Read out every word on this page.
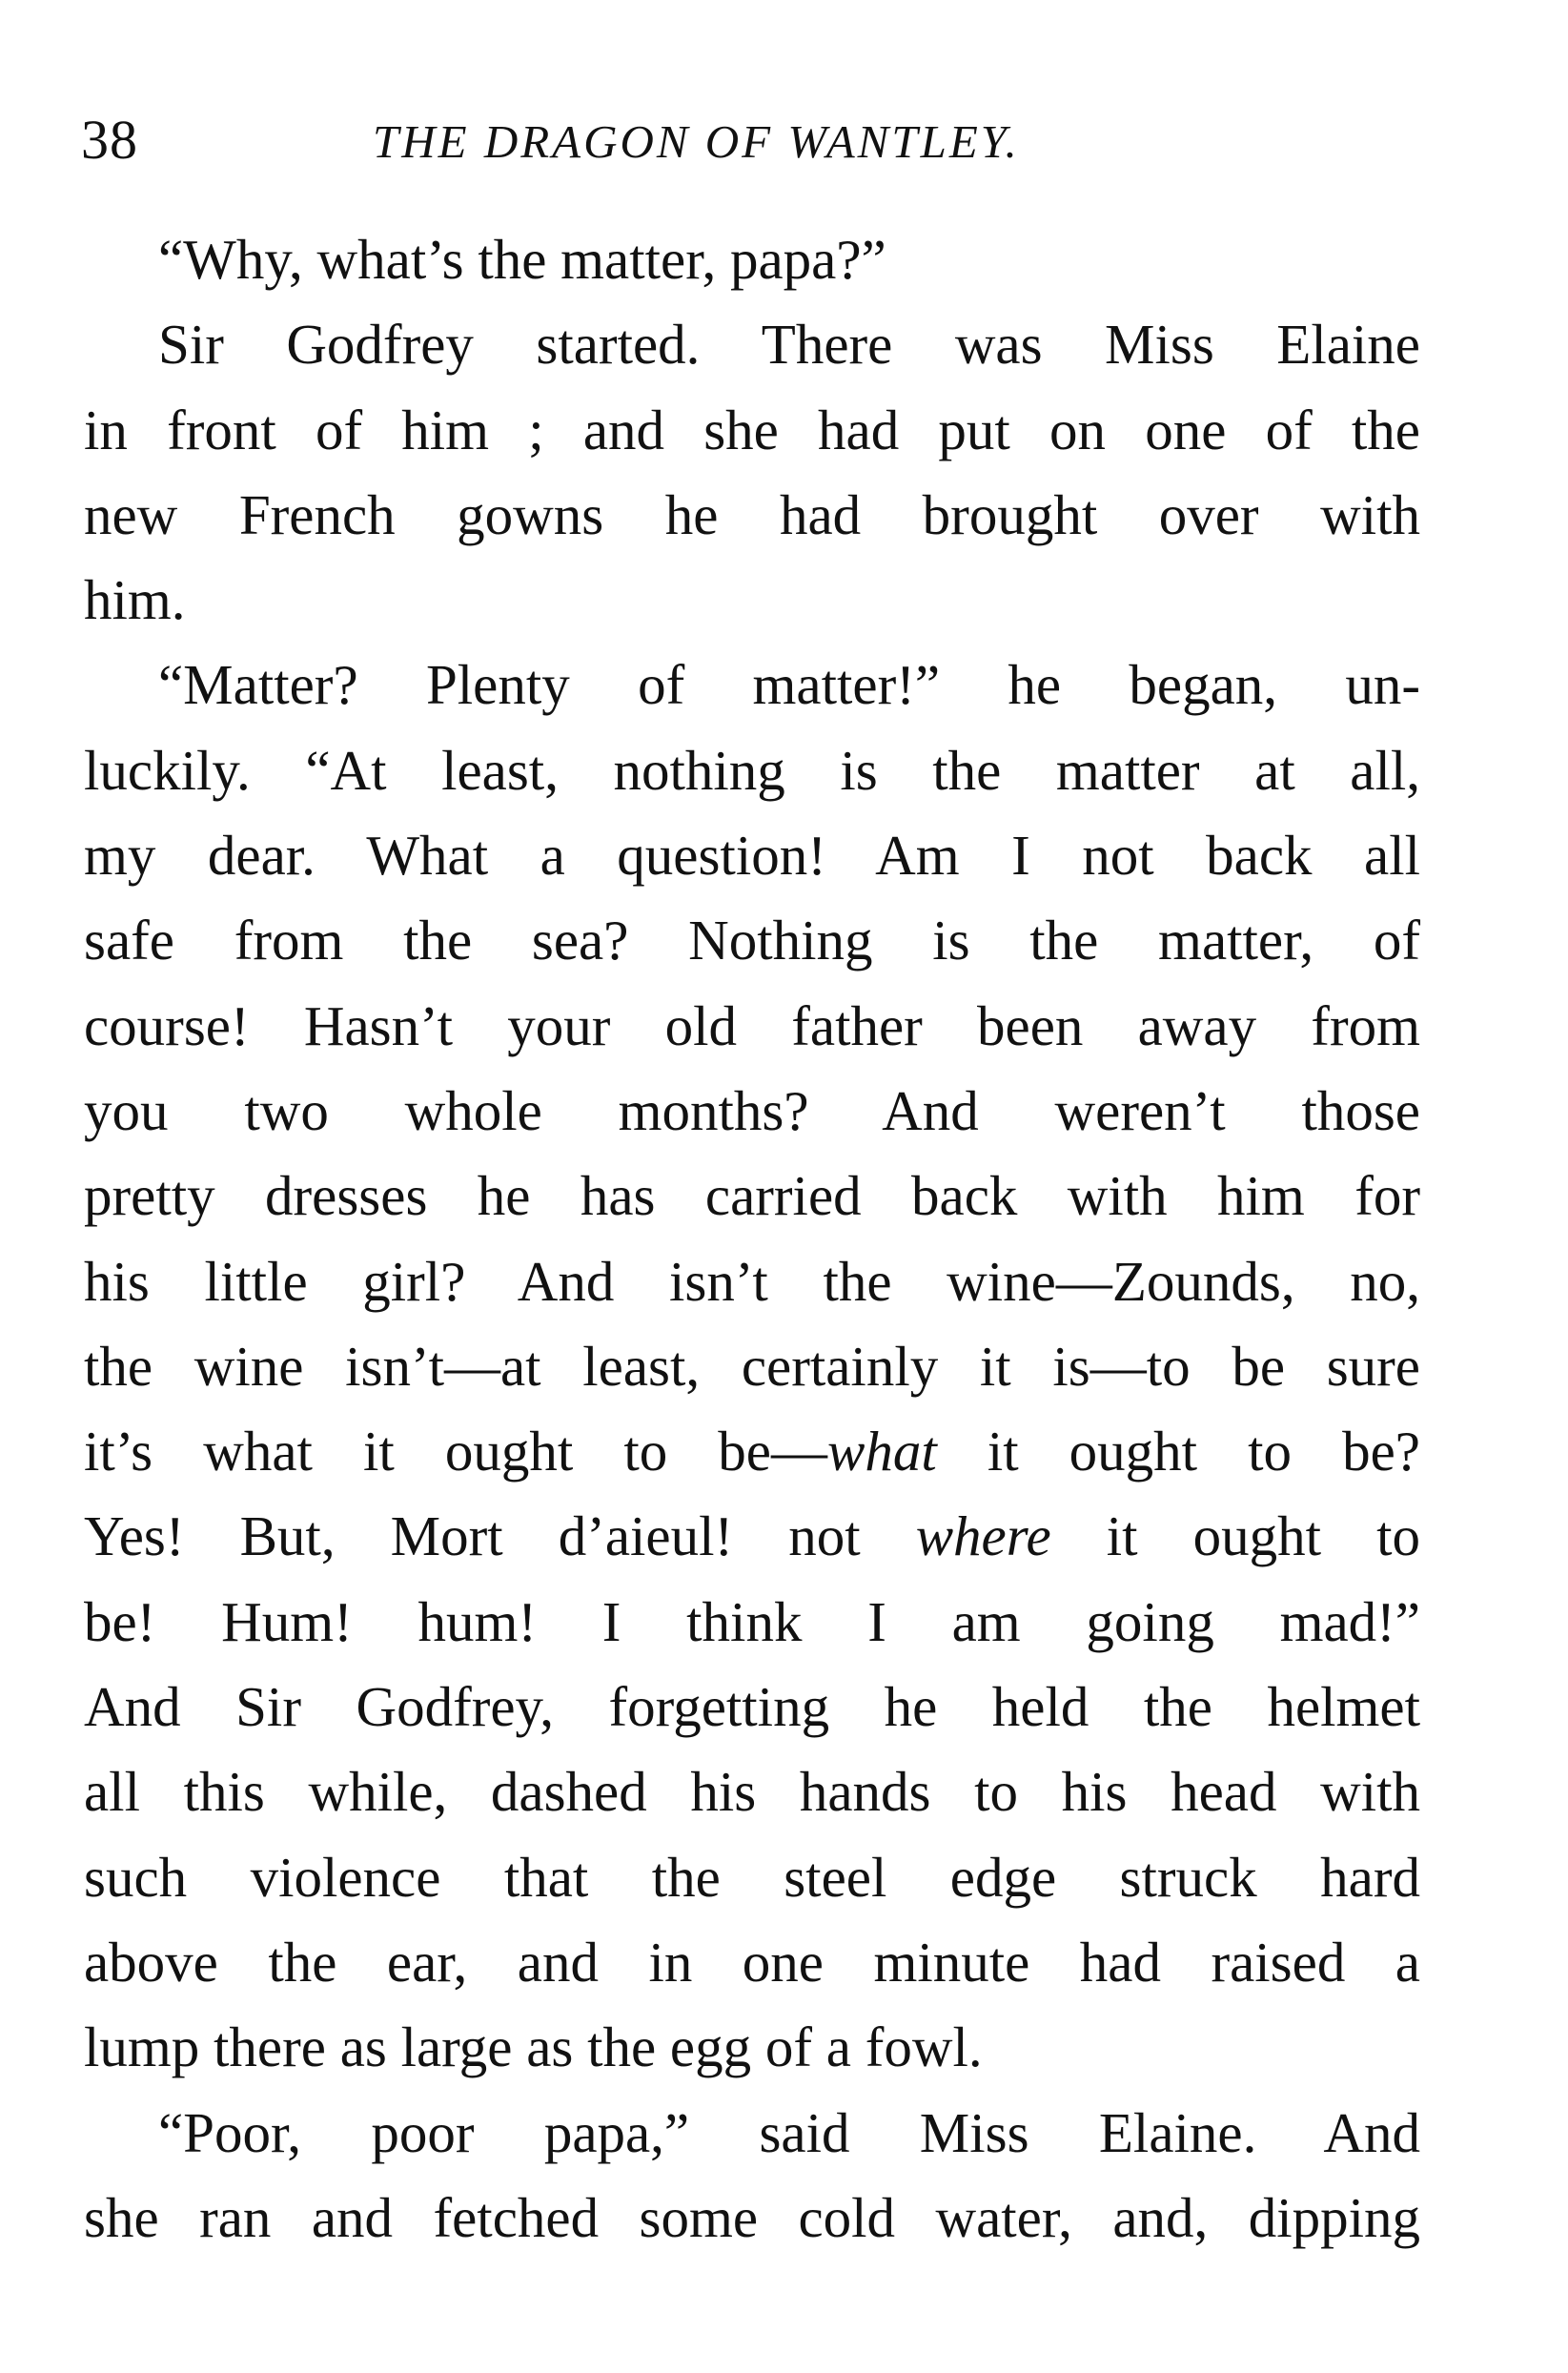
38	THE DRAGON OF WANTLEY.
“Why, what’s the matter, papa?”
Sir Godfrey started. There was Miss Elaine
in front of him ; and she had put on one of the
new French gowns he had brought over with
him.
“Matter? Plenty of matter!” he began, un-
luckily. “At least, nothing is the matter at all,
my dear. What a question! Am I not back all
safe from the sea? Nothing is the matter, of
course! Hasn’t your old father been away from
you two whole months? And weren’t those
pretty dresses he has carried back with him for
his little girl? And isn’t the wine—Zounds, no,
the wine isn’t—at least, certainly it is—to be sure
it’s what it ought to be—what it ought to be?
Yes! But, Mort d’aieul! not where it ought to
be! Hum! hum! I think I am going mad!”
And Sir Godfrey, forgetting he held the helmet
all this while, dashed his hands to his head with
such violence that the steel edge struck hard
above the ear, and in one minute had raised a
lump there as large as the egg of a fowl.
“Poor, poor papa,” said Miss Elaine. And
she ran and fetched some cold water, and, dipping
